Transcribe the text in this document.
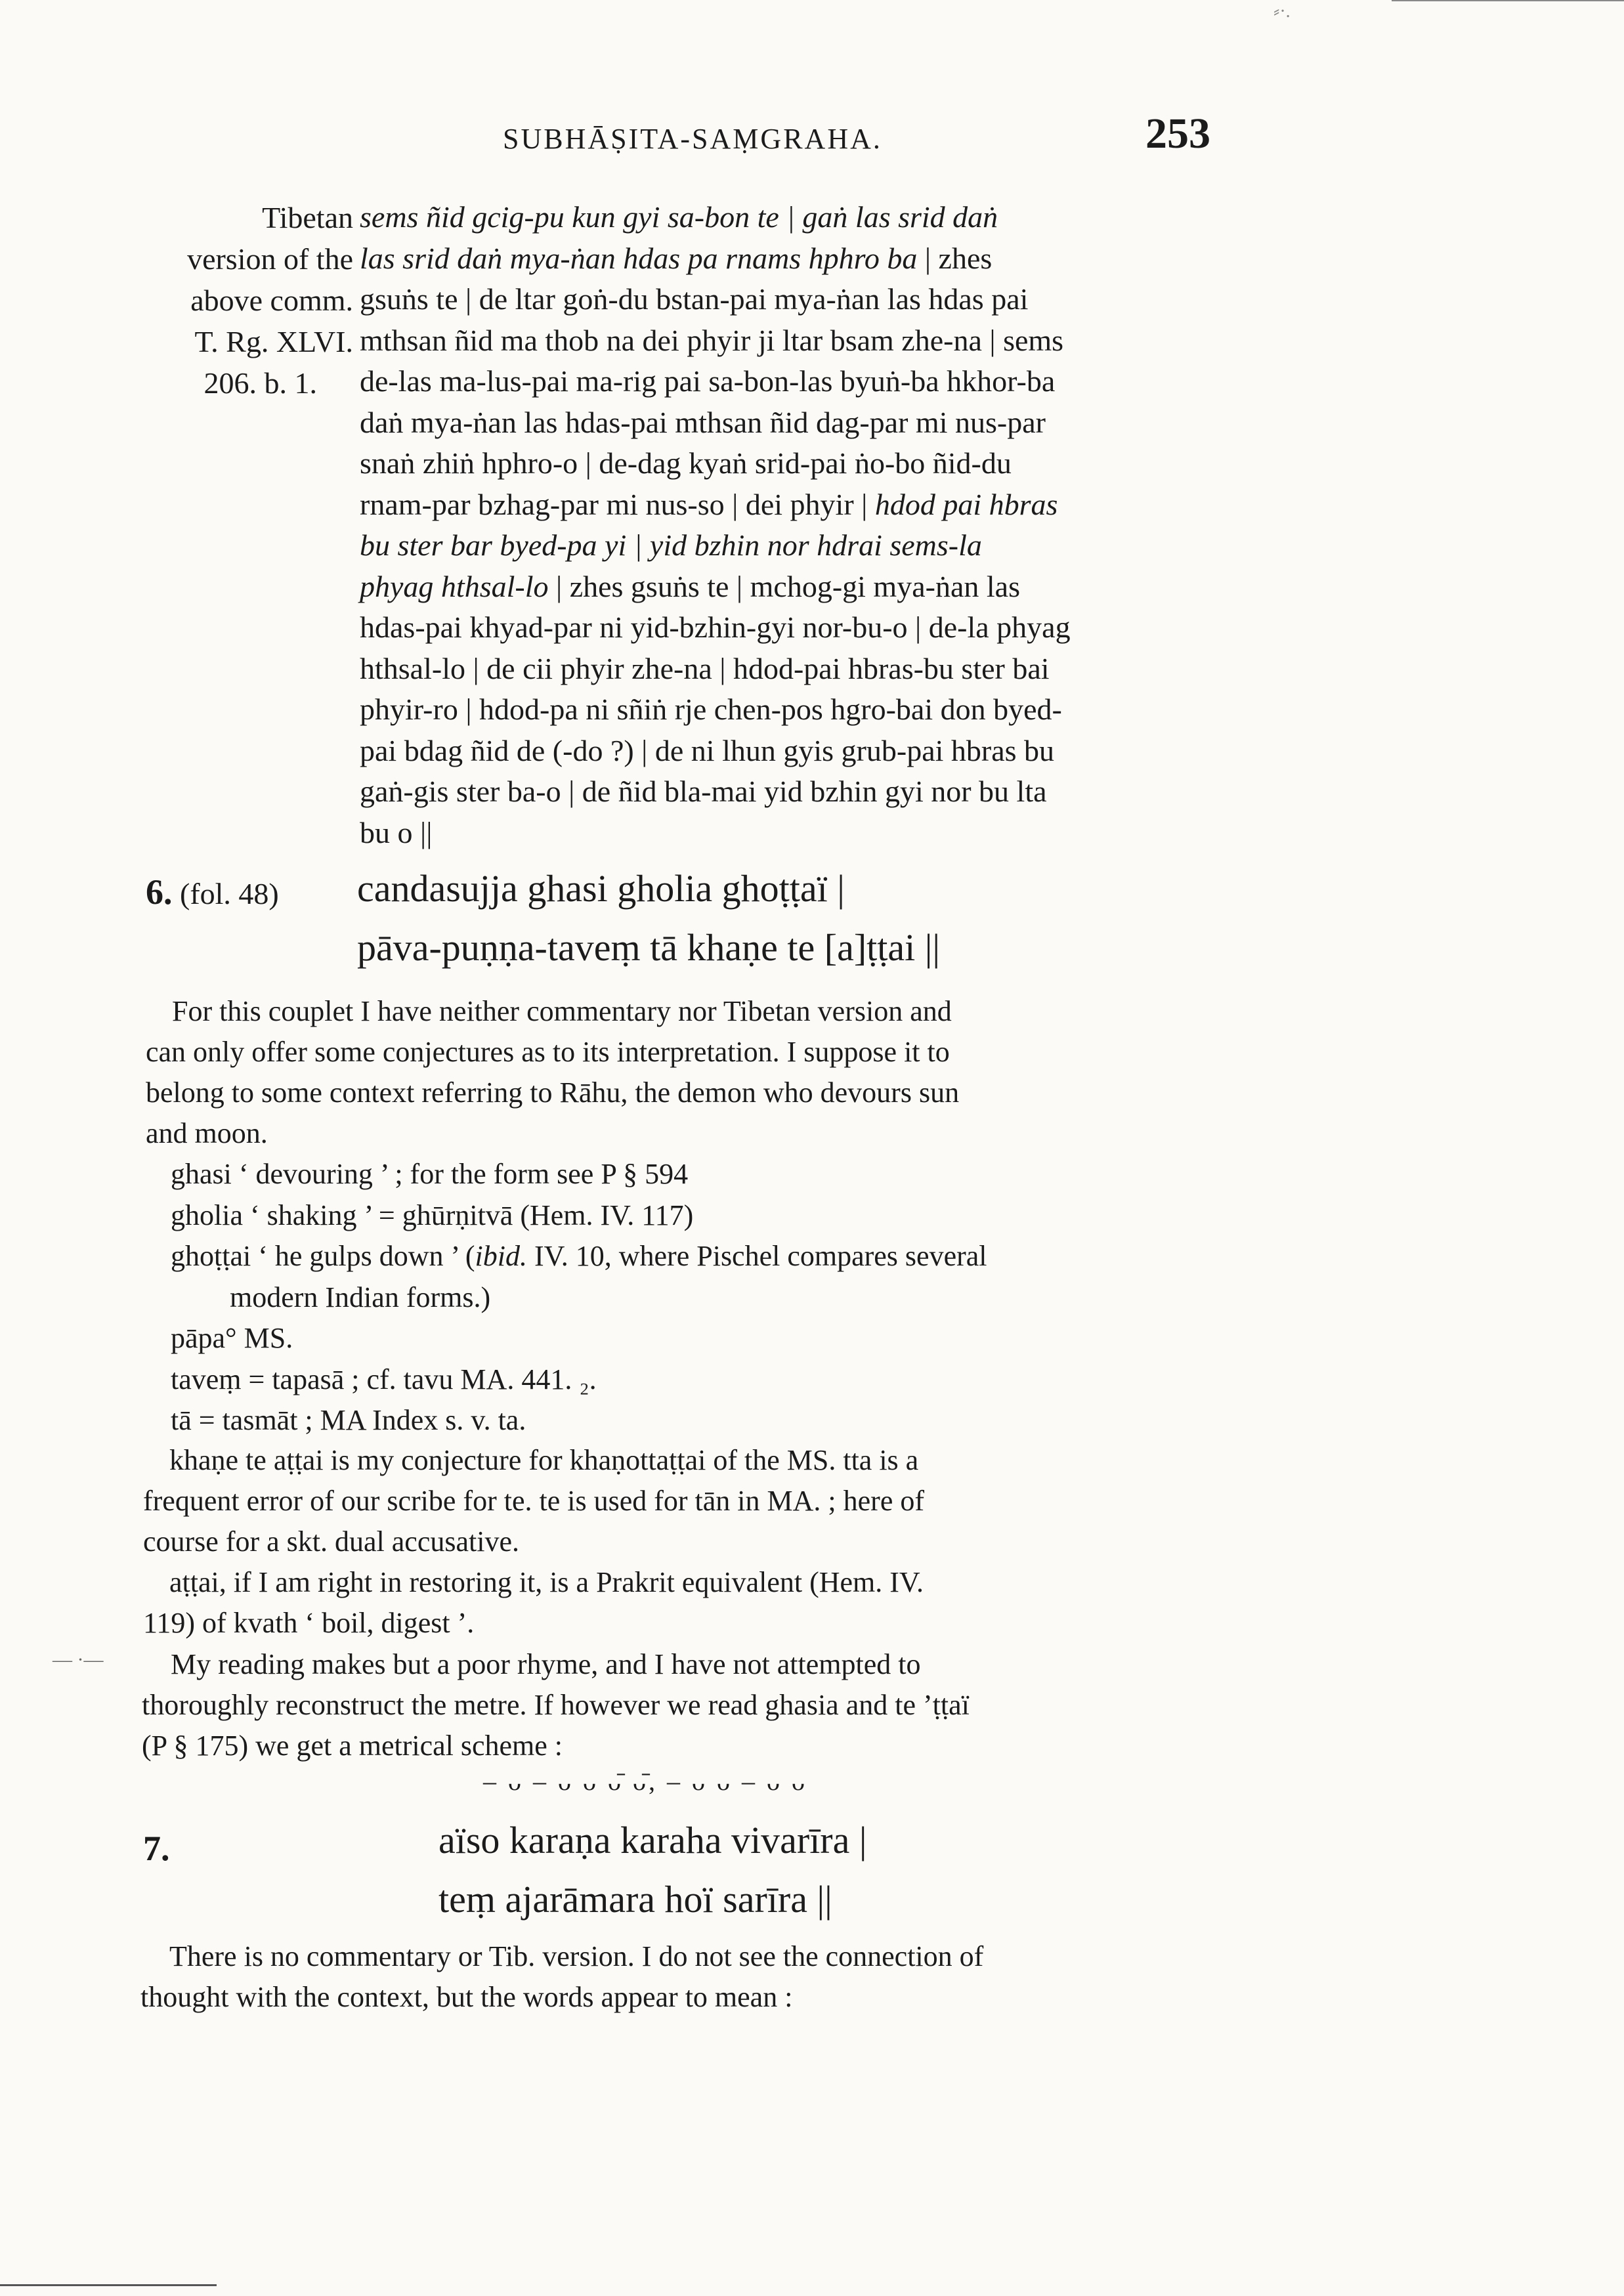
⸗·.
SUBHĀṢITA-SAṂGRAHA.	253
Tibetan
version of the
above comm.
T. Rg. XLVI.
206. b. 1.
sems ñid gcig-pu kun gyi sa-bon te | gaṅ las srid daṅ
las srid daṅ mya-ṅan hdas pa rnams hphro ba | zhes
gsuṅs te | de ltar goṅ-du bstan-pai mya-ṅan las hdas pai
mthsan ñid ma thob na dei phyir ji ltar bsam zhe-na | sems
de-las ma-lus-pai ma-rig pai sa-bon-las byuṅ-ba hkhor-ba
daṅ mya-ṅan las hdas-pai mthsan ñid dag-par mi nus-par
snaṅ zhiṅ hphro-o | de-dag kyaṅ srid-pai ṅo-bo ñid-du
rnam-par bzhag-par mi nus-so | dei phyir | hdod pai hbras
bu ster bar byed-pa yi | yid bzhin nor hdrai sems-la
phyag hthsal-lo | zhes gsuṅs te | mchog-gi mya-ṅan las
hdas-pai khyad-par ni yid-bzhin-gyi nor-bu-o | de-la phyag
hthsal-lo | de cii phyir zhe-na | hdod-pai hbras-bu ster bai
phyir-ro | hdod-pa ni sñiṅ rje chen-pos hgro-bai don byed-
pai bdag ñid de (-do ?) | de ni lhun gyis grub-pai hbras bu
gaṅ-gis ster ba-o | de ñid bla-mai yid bzhin gyi nor bu lta
bu o ||
6. (fol. 48) candasujja ghasi gholia ghoṭṭaï |
pāva-puṇṇa-taveṃ tā khaṇe te [a]ṭṭai ||
For this couplet I have neither commentary nor Tibetan version and
can only offer some conjectures as to its interpretation. I suppose it to
belong to some context referring to Rāhu, the demon who devours sun
and moon.
ghasi ‘ devouring ’ ; for the form see P § 594
gholia ‘ shaking ’ = ghūrṇitvā (Hem. IV. 117)
ghoṭṭai ‘ he gulps down ’ (ibid. IV. 10, where Pischel compares several
modern Indian forms.)
pāpa° MS.
taveṃ = tapasā ; cf. tavu MA. 441. ₂.
tā = tasmāt ; MA Index s. v. ta.
khaṇe te aṭṭai is my conjecture for khaṇottaṭṭai of the MS. tta is a
frequent error of our scribe for te. te is used for tān in MA. ; here of
course for a skt. dual accusative.
aṭṭai, if I am right in restoring it, is a Prakrit equivalent (Hem. IV.
119) of kvath ‘ boil, digest ’.
— ·—	My reading makes but a poor rhyme, and I have not attempted to
thoroughly reconstruct the metre. If however we read ghasia and te ’ṭṭaï
(P § 175) we get a metrical scheme :
– ᴗ – ᴗ ᴗ ᴗ̄ ᴗ̄, – ᴗ ᴗ – ᴗ ᴗ
7.	aïso karaṇa karaha vivarīra |
teṃ ajarāmara hoï sarīra ||
There is no commentary or Tib. version. I do not see the connection of
thought with the context, but the words appear to mean :
